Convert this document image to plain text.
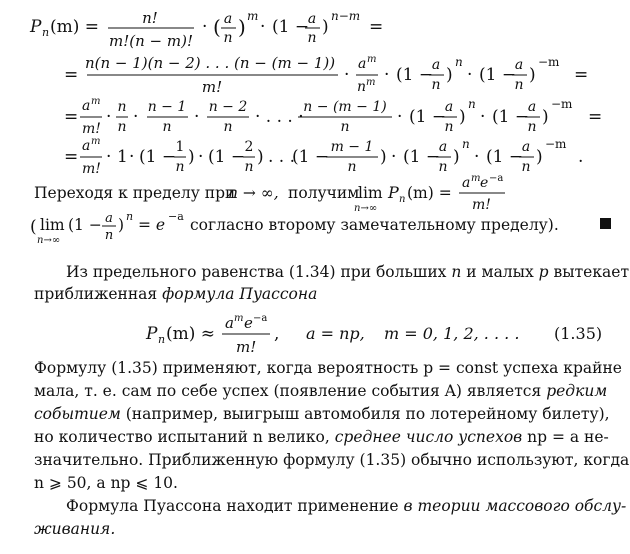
P n (m) =	n!
m!(n − m)!
· ( a
n ) m
· (1 −
a
n
)
n−m
=
=
n(n − 1)(n − 2) . . . (n − (m − 1))
m!
·
a m
n m · (1 −
a
n )
n
· (1 −
a
n )
−m
=
=
a m
m!
· n
n · n − 1
n · n − 2
n · . . . · n − (m − 1)
n	· (1 −
a
n )
n
· (1 −
a
n )
−m
=
=
a m
m!
· 1 · (1 − 1
n ) · (1 − 2
n ) . . .
(1 − m − 1
n ) · (1 −
a
n )
n
· (1 −
a
n )
−m
.
Переходя к пределу при
n → ∞, получим
lim
n→∞
P n (m) =
a m e −a
m!
( lim
n→∞
(1 − a
n
) n = e −a согласно второму замечательному пределу).
Из предельного равенства (1.34) при больших n и малых p вытекает
приближенная формула Пуассона
P n (m) ≈
a m e −a
m!
, a = np, m = 0, 1, 2, . . . . (1.35)
Формулу (1.35) применяют, когда вероятность p = const успеха крайне
мала, т. е. сам по себе успех (появление события A) является редким
событием (например, выигрыш автомобиля по лотерейному билету),
но количество испытаний n велико, среднее число успехов np = a не-
значительно. Приближенную формулу (1.35) обычно используют, когда
n ⩾ 50, а np ⩽ 10.
Формула Пуассона находит применение в теории массового обслу-
живания.
